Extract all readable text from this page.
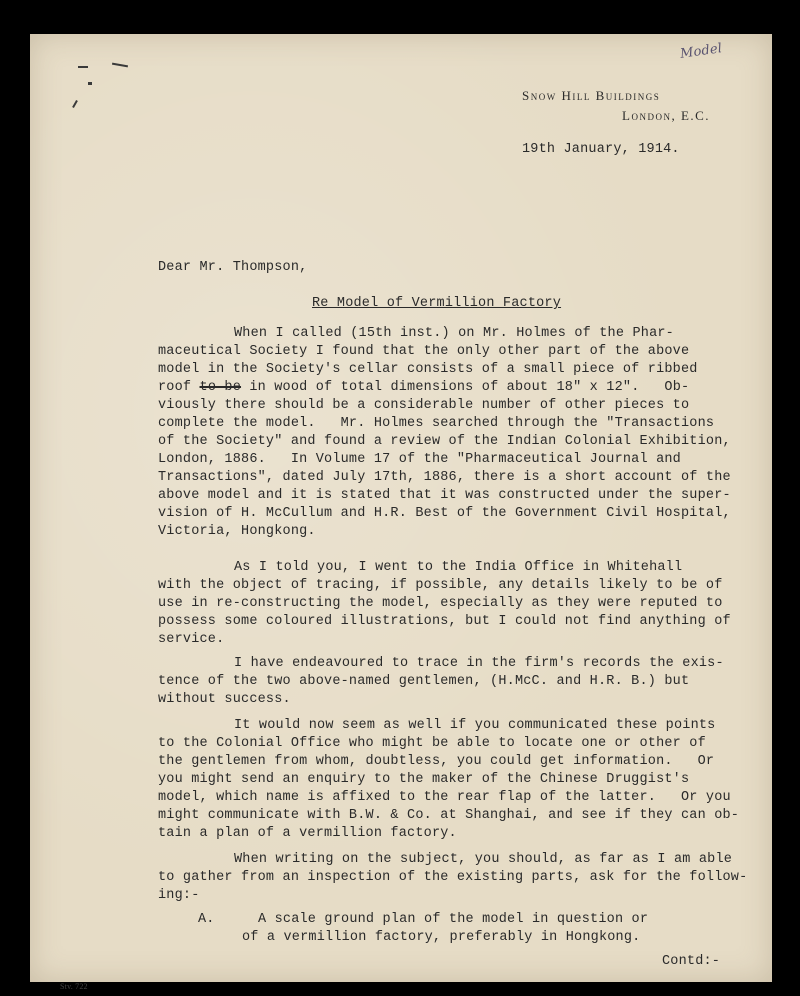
Model
Snow Hill Buildings
London, E.C.
19th January, 1914.
Dear Mr. Thompson,
Re Model of Vermillion Factory
When I called (15th inst.) on Mr. Holmes of the Phar-
maceutical Society I found that the only other part of the above
model in the Society's cellar consists of a small piece of ribbed
roof to be in wood of total dimensions of about 18" x 12".   Ob-
viously there should be a considerable number of other pieces to
complete the model.   Mr. Holmes searched through the "Transactions
of the Society" and found a review of the Indian Colonial Exhibition,
London, 1886.   In Volume 17 of the "Pharmaceutical Journal and
Transactions", dated July 17th, 1886, there is a short account of the
above model and it is stated that it was constructed under the super-
vision of H. McCullum and H.R. Best of the Government Civil Hospital,
Victoria, Hongkong.
As I told you, I went to the India Office in Whitehall
with the object of tracing, if possible, any details likely to be of
use in re-constructing the model, especially as they were reputed to
possess some coloured illustrations, but I could not find anything of
service.
I have endeavoured to trace in the firm's records the exis-
tence of the two above-named gentlemen, (H.McC. and H.R. B.) but
without success.
It would now seem as well if you communicated these points
to the Colonial Office who might be able to locate one or other of
the gentlemen from whom, doubtless, you could get information.   Or
you might send an enquiry to the maker of the Chinese Druggist's
model, which name is affixed to the rear flap of the latter.   Or you
might communicate with B.W. & Co. at Shanghai, and see if they can ob-
tain a plan of a vermillion factory.
When writing on the subject, you should, as far as I am able
to gather from an inspection of the existing parts, ask for the follow-
ing:-
A.	A scale ground plan of the model in question or
of a vermillion factory, preferably in Hongkong.
Contd:-
Stv. 722
